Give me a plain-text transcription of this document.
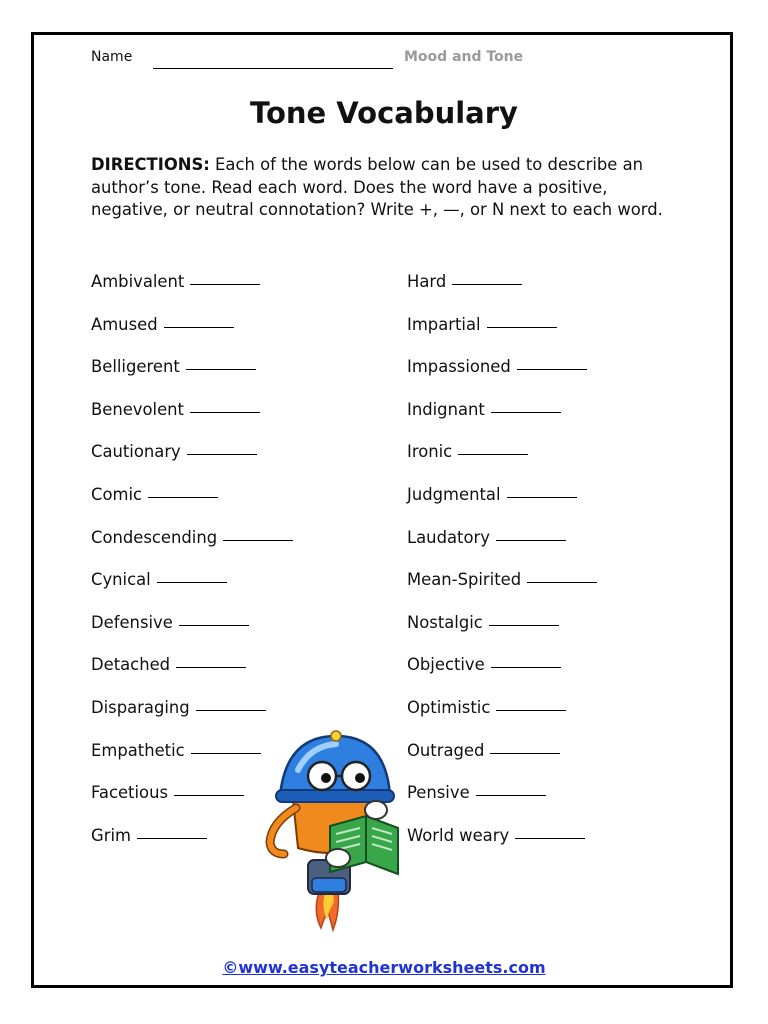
Name	Mood and Tone
Tone Vocabulary
DIRECTIONS: Each of the words below can be used to describe an author’s tone. Read each word. Does the word have a positive, negative, or neutral connotation? Write +, —, or N next to each word.
Ambivalent
Amused
Belligerent
Benevolent
Cautionary
Comic
Condescending
Cynical
Defensive
Detached
Disparaging
Empathetic
Facetious
Grim
Hard
Impartial
Impassioned
Indignant
Ironic
Judgmental
Laudatory
Mean-Spirited
Nostalgic
Objective
Optimistic
Outraged
Pensive
World weary
©www.easyteacherworksheets.com
